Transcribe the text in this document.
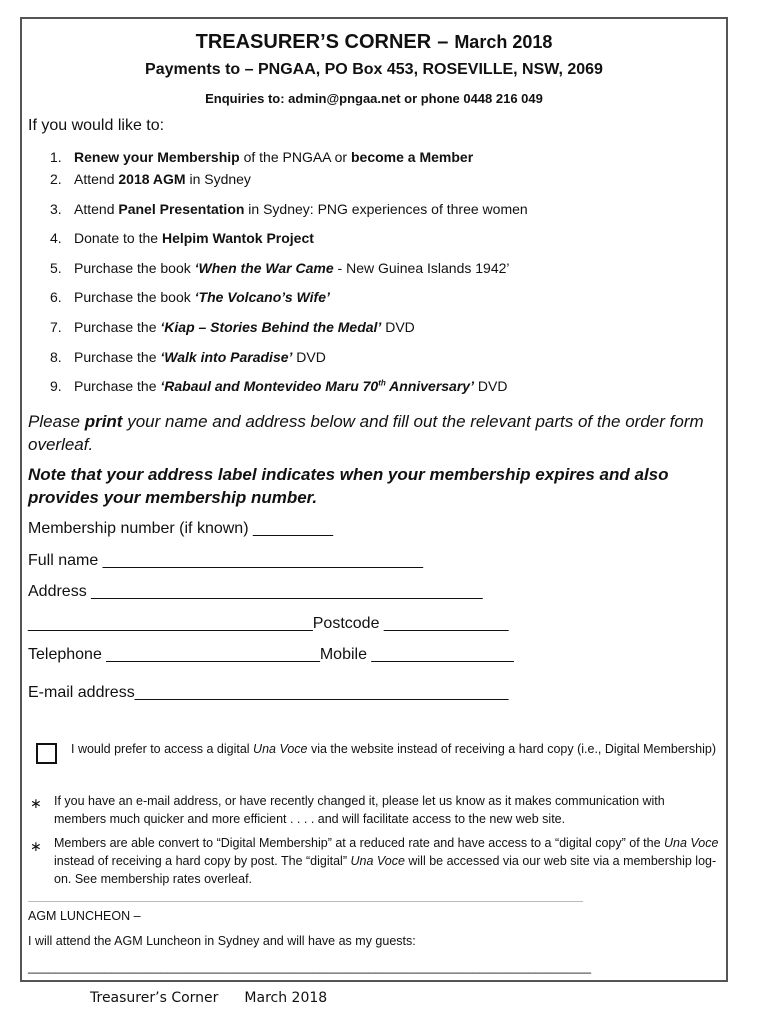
TREASURER’S CORNER – March 2018
Payments to – PNGAA, PO Box 453, ROSEVILLE, NSW, 2069
Enquiries to: admin@pngaa.net or phone 0448 216 049
If you would like to:
1. Renew your Membership of the PNGAA or become a Member
2. Attend 2018 AGM in Sydney
3. Attend Panel Presentation in Sydney: PNG experiences of three women
4. Donate to the Helpim Wantok Project
5. Purchase the book ‘When the War Came - New Guinea Islands 1942’
6. Purchase the book ‘The Volcano’s Wife’
7. Purchase the ‘Kiap – Stories Behind the Medal’ DVD
8. Purchase the ‘Walk into Paradise’ DVD
9. Purchase the ‘Rabaul and Montevideo Maru 70th Anniversary’ DVD
Please print your name and address below and fill out the relevant parts of the order form overleaf.
Note that your address label indicates when your membership expires and also provides your membership number.
Membership number (if known) _________
Full name ____________________________________
Address ____________________________________________
________________________________Postcode ______________
Telephone ________________________Mobile ________________
E-mail address__________________________________________
I would prefer to access a digital Una Voce via the website instead of receiving a hard copy (i.e., Digital Membership)
∗ If you have an e-mail address, or have recently changed it, please let us know as it makes communication with members much quicker and more efficient . . . . and will facilitate access to the new web site.
∗ Members are able convert to “Digital Membership” at a reduced rate and have access to a “digital copy” of the Una Voce instead of receiving a hard copy by post. The “digital” Una Voce will be accessed via our web site via a membership log-on. See membership rates overleaf.
AGM LUNCHEON –
I will attend the AGM Luncheon in Sydney and will have as my guests:
_________________________________________________________________________________
Treasurer’s Corner March 2018
